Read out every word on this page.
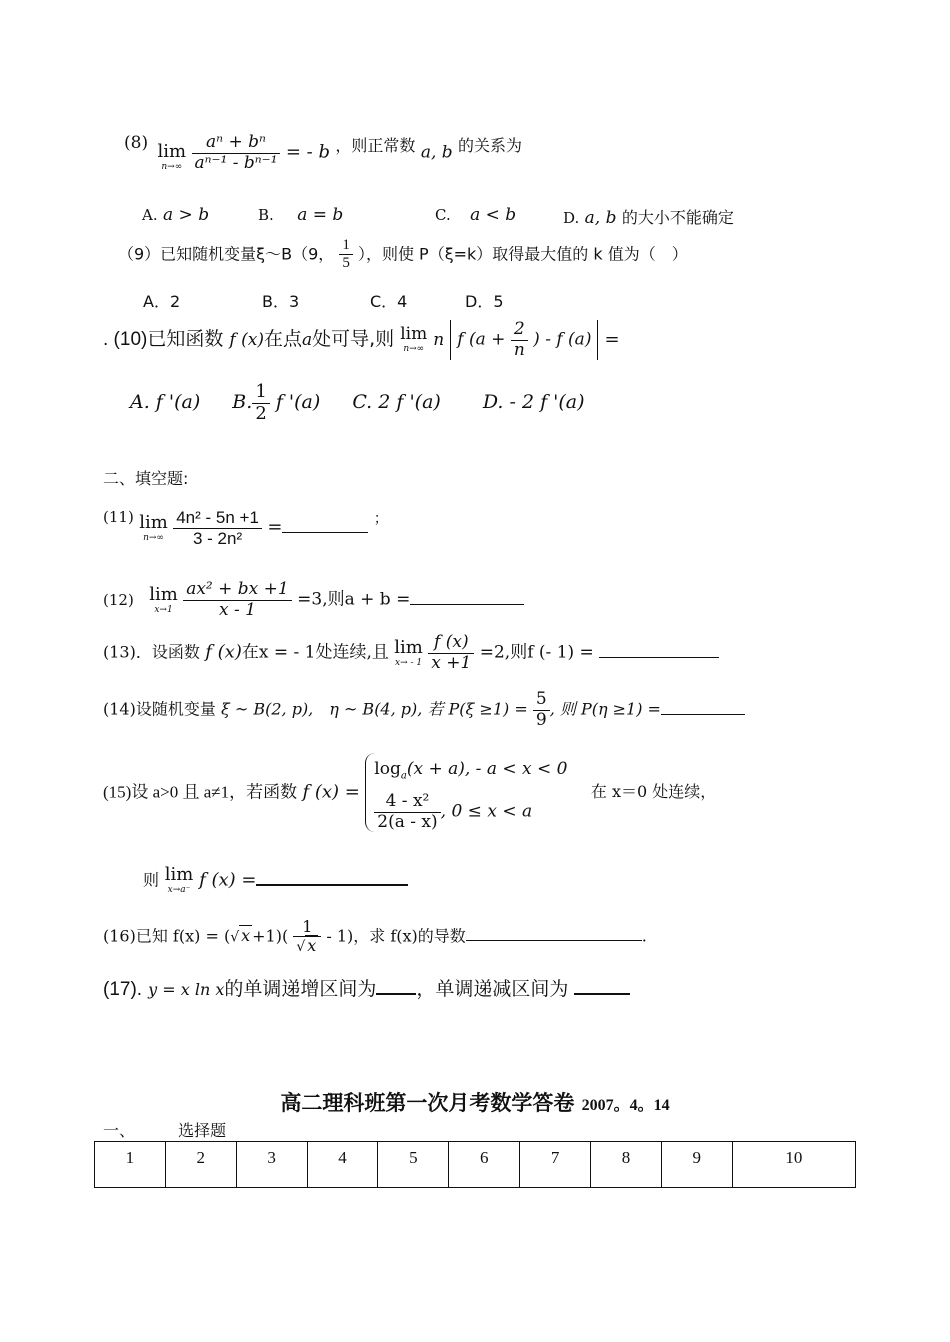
(8) lim
n→∞
$\frac{\text{aⁿ + bⁿ}}{\text{aⁿ⁻¹ - bⁿ⁻¹}}$ = - b ，则正常数 a, b 的关系为
A. a > b	B. a = b	C. a < b	D. a, b 的大小不能确定
（9）已知随机变量ξ～B（9， $\frac{1}{5}$ ），则使 P（ξ=k）取得最大值的 k 值为（　）
A．2	B．3	C．4	D．5
. (10)已知函数 f (x)在点a处可导,则 lim
n→∞ n f ($a + \frac{2}{n}$ ) - f (a) =
A. f '(a) B. $\frac{1}{2}$ f '(a) C. 2 f '(a) D. - 2 f '(a)
二、填空题:
(11) lim
n→∞
$\frac{\text{4n² - 5n +1}}{\text{3 - 2n²}}$ =	；
(12) lim
x→1
$\frac{\text{ax² + bx +1}}{x - 1} =3$,则a + b =
(13)．设函数 f (x)在x = - 1处连续,且 lim
x→ - 1
$\frac{f (x)}{x +1} =2$,则f (- 1) =
(14)设随机变量 ξ ~ B(2, p),　η ~ B(4, p), 若 $P(\xi \ge 1) = \frac{5}{9}$ , 则 P(η ≥1) =
(15)设 a>0 且 a≠1，若函数 f (x) =
$\log_a(x + a)$, - a < x < 0
$\frac{\text{4 - x²}}{2(a - x)}$ , 0 ≤ x < a
在 x＝0 处连续，
则 lim
x→a⁻ f (x) =
(16)已知 f(x) = (√ $x +1)( \frac{1}{√ x} - 1)$，求 f(x)的导数	.
(17). y = x ln x的单调递增区间为 ，单调递减区间为
高二理科班第一次月考数学答卷 2007。4。14
一、	选择题
1	2	3	4	5	6	7	8	9	10
